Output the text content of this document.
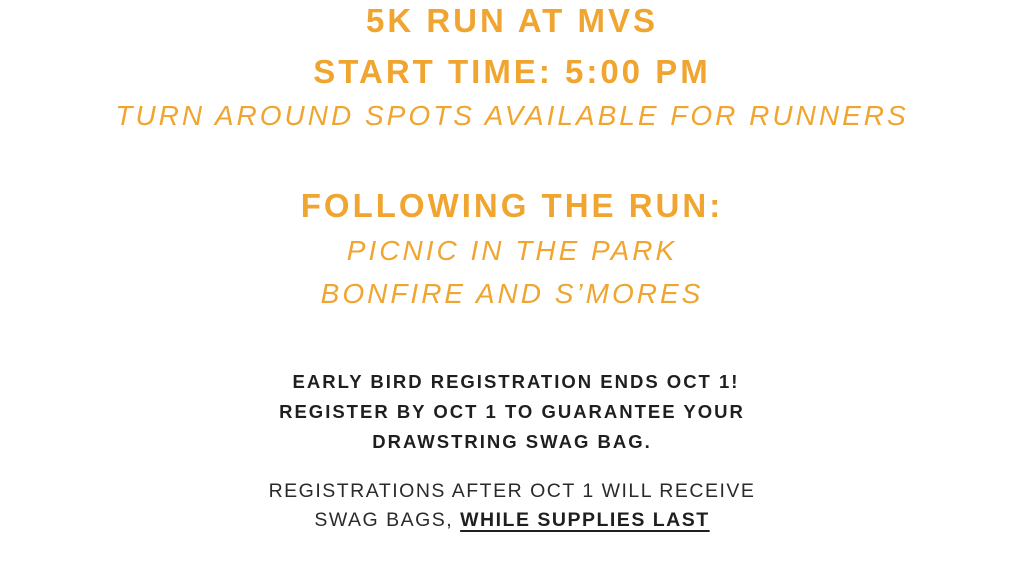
5K RUN AT MVS

START TIME: 5:00 PM

TURN AROUND SPOTS AVAILABLE FOR RUNNERS

FOLLOWING THE RUN:

PICNIC IN THE PARK

BONFIRE AND S’MORES

EARLY BIRD REGISTRATION ENDS OCT 1!

REGISTER BY OCT 1 TO GUARANTEE YOUR

DRAWSTRING SWAG BAG.

REGISTRATIONS AFTER OCT 1 WILL RECEIVE

SWAG BAGS, WHILE SUPPLIES LAST
